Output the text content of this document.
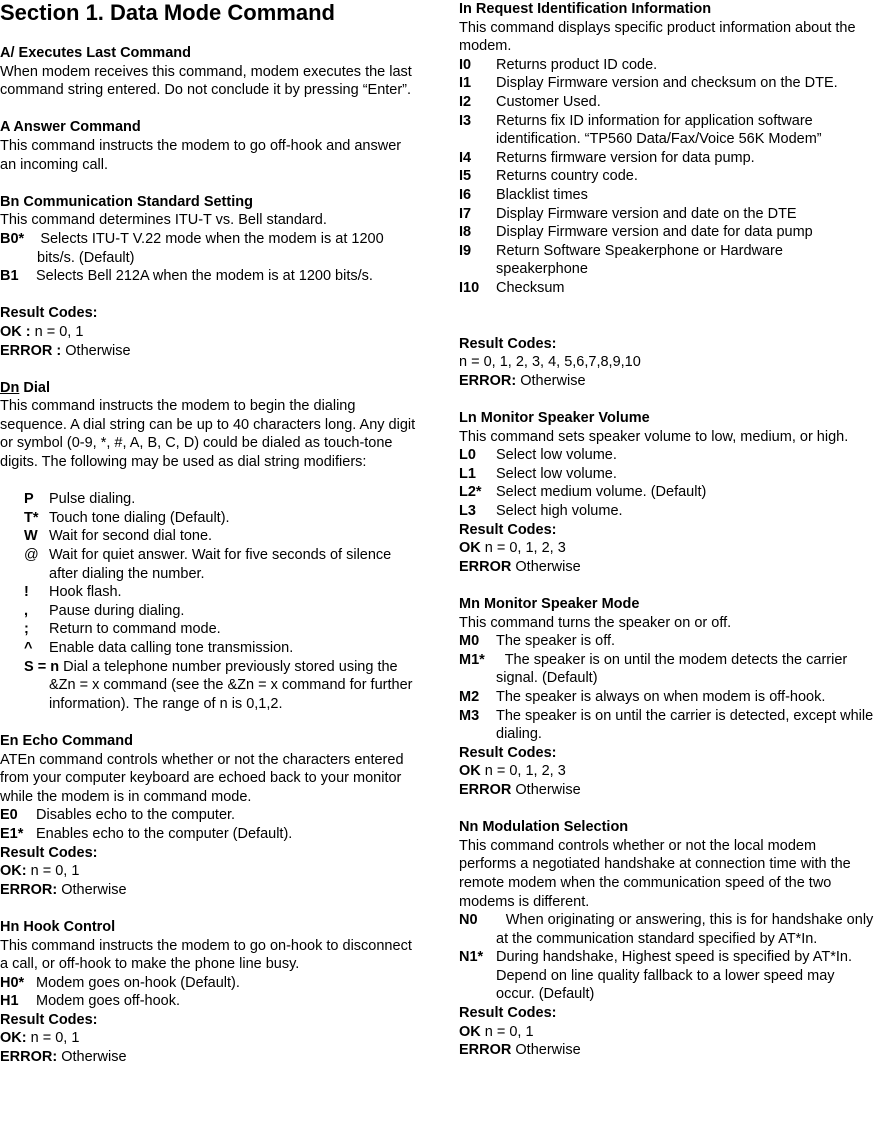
Section 1. Data Mode Command
A/ Executes Last Command

When modem receives this command, modem executes the last command string entered. Do not conclude it by pressing “Enter”.

A Answer Command

This command instructs the modem to go off-hook and answer an incoming call.

Bn Communication Standard Setting

This command determines ITU-T vs. Bell standard.

B0* Selects ITU-T V.22 mode when the modem is at 1200 bits/s. (Default)
B1	Selects Bell 212A when the modem is at 1200 bits/s.
Result Codes:
OK : n = 0, 1
ERROR : Otherwise
Dn Dial

This command instructs the modem to begin the dialing sequence. A dial string can be up to 40 characters long. Any digit or symbol (0-9, *, #, A, B, C, D) could be dialed as touch-tone digits. The following may be used as dial string modifiers:

P	Pulse dialing.
T* Touch tone dialing (Default).
W Wait for second dial tone.
@ Wait for quiet answer. Wait for five seconds of silence after dialing the number.
!	Hook flash.
,	Pause during dialing.
;	Return to command mode.
^	Enable data calling tone transmission.
S = n Dial a telephone number previously stored using the &Zn = x command (see the &Zn = x command for further information). The range of n is 0,1,2.
En Echo Command

ATEn command controls whether or not the characters entered from your computer keyboard are echoed back to your monitor while the modem is in command mode.

E0	Disables echo to the computer.
E1* Enables echo to the computer (Default).
Result Codes:
OK: n = 0, 1
ERROR: Otherwise
Hn Hook Control

This command instructs the modem to go on-hook to disconnect a call, or off-hook to make the phone line busy.

H0* Modem goes on-hook (Default).
H1	Modem goes off-hook.
Result Codes:
OK: n = 0, 1
ERROR: Otherwise
In Request Identification Information

This command displays specific product information about the modem.

I0	Returns product ID code.
I1	Display Firmware version and checksum on the DTE.
I2	Customer Used.
I3	Returns fix ID information for application software identification. “TP560 Data/Fax/Voice 56K Modem”
I4	Returns firmware version for data pump.
I5	Returns country code.
I6	Blacklist times
I7	Display Firmware version and date on the DTE
I8	Display Firmware version and date for data pump
I9	Return Software Speakerphone or Hardware speakerphone
I10	Checksum
Result Codes:
n = 0, 1, 2, 3, 4, 5,6,7,8,9,10
ERROR: Otherwise
Ln Monitor Speaker Volume

This command sets speaker volume to low, medium, or high.

L0	Select low volume.
L1	Select low volume.
L2* Select medium volume. (Default)
L3	Select high volume.
Result Codes:
OK n = 0, 1, 2, 3
ERROR Otherwise
Mn Monitor Speaker Mode

This command turns the speaker on or off.

M0	The speaker is off.
M1* The speaker is on until the modem detects the carrier signal. (Default)
M2	The speaker is always on when modem is off-hook.
M3	The speaker is on until the carrier is detected, except while dialing.
Result Codes:
OK n = 0, 1, 2, 3
ERROR Otherwise
Nn Modulation Selection

This command controls whether or not the local modem performs a negotiated handshake at connection time with the remote modem when the communication speed of the two modems is different.

N0 When originating or answering, this is for handshake only at the communication standard specified by AT*In.
N1* During handshake, Highest speed is specified by AT*In. Depend on line quality fallback to a lower speed may occur. (Default)
Result Codes:
OK n = 0, 1
ERROR Otherwise
